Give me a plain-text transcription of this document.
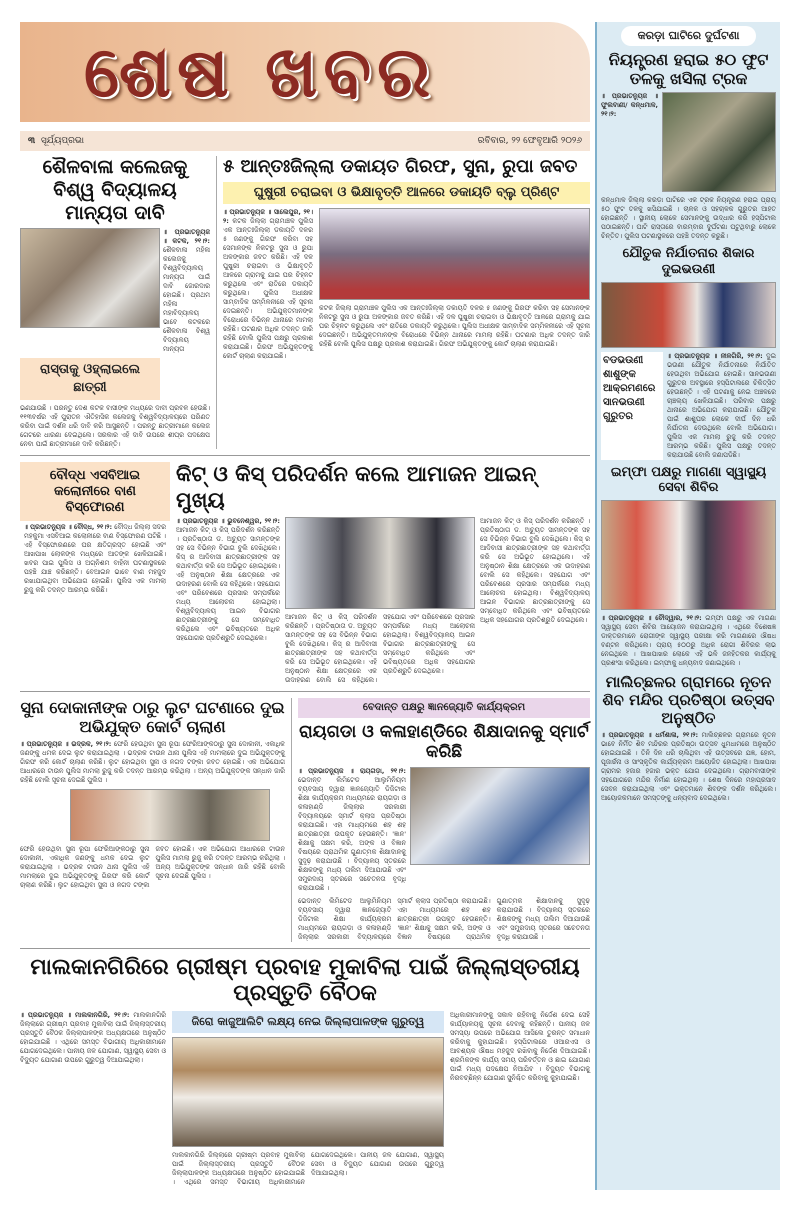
ଶେଷ ଖବର
୩ ସୂର୍ଯ୍ୟପ୍ରଭା	ରବିବାର, ୨୨ ଫେବୃଆରି ୨୦୨୬
ଶୈଳବାଳା କଲେଜକୁ ବିଶ୍ୱ ବିଦ୍ୟାଳୟ ମାନ୍ୟତା ଦାବି
॥ ପ୍ରଭାତନ୍ୟୁଜ ॥ କଟକ, ୨୧।୨: ଶୈଳବାଳା ମହିଳା କଲେଜକୁ ବିଶ୍ୱବିଦ୍ୟାଳୟ ମାନ୍ୟତା ପାଇଁ ଦାବି ଜୋରଦାର ହୋଇଛି। ପ୍ରଥମ ମହିଳା ମହାବିଦ୍ୟାଳୟ ଭାବେ କଟକରେ ଶୈଳବାଳା ବିଶ୍ୱ ବିଦ୍ୟାଳୟ ମାନ୍ୟତା
ରାସ୍ତାକୁ ଓହ୍ଲାଇଲେ ଛାତ୍ରୀ
ଭଣଯାଉଛି । ପରନ୍ତୁ ଦେଶ କଟକ ବାସୀଙ୍କ ମଧ୍ୟରେ ଦାବୀ ପ୍ରବଳ ହେଉଛି। ୧୧୩ବର୍ଷର ଏହି ପୁରାତନ ଐତିହାସିକ କଲେଜକୁ ବିଶ୍ୱବିଦ୍ୟାଳୟରେ ପରିଣତ କରିବା ପାଇଁ ଦର୍ଶନ ଧରି ଦାବି କରି ଆସୁଛନ୍ତି । ପରନ୍ତୁ ଛାତ୍ରୀମାନେ କଲେଜ ଗେଟରେ ଧାରଣା ଦେଇଥିଲେ। ସରକାର ଏହି ଦାବି ଉପରେ ଶୀଘ୍ର ପଦକ୍ଷେପ ନେବା ପାଇଁ ଛାତ୍ରୀମାନେ ଦାବି କରିଛନ୍ତି।
୫ ଆନ୍ତଃଜିଲ୍ଲା ଡକାୟତ ଗିରଫ, ସୁନା, ରୁପା ଜବତ
ଘୁଷୁରୀ ଚରାଇବା ଓ ଭିକ୍ଷାବୃତ୍ତି ଆଳରେ ଡକାୟତି ବ୍ଲୁ ପ୍ରିଣ୍ଟ
॥ ପ୍ରଭାତନ୍ୟୁଜ ॥ ସାଲେପୁର, ୨୧।୨: କଟକ ଜିଲ୍ଲା ଗ୍ରାମାଞ୍ଚଳ ପୁଲିସ ଏକ ଆନ୍ତଃଜିଲ୍ଲା ଡକାୟତି ଦଳର ୫ ଜଣଙ୍କୁ ଗିରଫ କରିବା ସହ ସେମାନଙ୍କ ନିକଟରୁ ସୁନା ଓ ରୁପା ଅଳଙ୍କାର ଜବତ କରିଛି। ଏହି ଦଳ ଘୁଷୁରୀ ଚରାଇବା ଓ ଭିକ୍ଷାବୃତ୍ତି ଆଳରେ ଗ୍ରାମକୁ ଯାଇ ଘର ଚିହ୍ନଟ କରୁଥିଲେ ଏବଂ ରାତିରେ ଡକାୟତି କରୁଥିଲେ। ପୁଲିସ ଅଧୀକ୍ଷକ ସାମ୍ବାଦିକ ସମ୍ମିଳନୀରେ ଏହି ସୂଚନା ଦେଇଛନ୍ତି। ଅଭିଯୁକ୍ତମାନଙ୍କ ବିରୋଧରେ ବିଭିନ୍ନ ଥାନାରେ ମାମଲା ରହିଛି। ଘଟଣାର ଅଧିକ ତଦନ୍ତ ଜାରି ରହିଛି ବୋଲି ପୁଲିସ ପକ୍ଷରୁ ପ୍ରକାଶ କରାଯାଇଛି। ଗିରଫ ଅଭିଯୁକ୍ତଙ୍କୁ କୋର୍ଟ ଚାଲାଣ କରାଯାଇଛି।
କଟକ ଜିଲ୍ଲା ଗ୍ରାମାଞ୍ଚଳ ପୁଲିସ ଏକ ଆନ୍ତଃଜିଲ୍ଲା ଡକାୟତି ଦଳର ୫ ଜଣଙ୍କୁ ଗିରଫ କରିବା ସହ ସେମାନଙ୍କ ନିକଟରୁ ସୁନା ଓ ରୁପା ଅଳଙ୍କାର ଜବତ କରିଛି। ଏହି ଦଳ ଘୁଷୁରୀ ଚରାଇବା ଓ ଭିକ୍ଷାବୃତ୍ତି ଆଳରେ ଗ୍ରାମକୁ ଯାଇ ଘର ଚିହ୍ନଟ କରୁଥିଲେ ଏବଂ ରାତିରେ ଡକାୟତି କରୁଥିଲେ। ପୁଲିସ ଅଧୀକ୍ଷକ ସାମ୍ବାଦିକ ସମ୍ମିଳନୀରେ ଏହି ସୂଚନା ଦେଇଛନ୍ତି। ଅଭିଯୁକ୍ତମାନଙ୍କ ବିରୋଧରେ ବିଭିନ୍ନ ଥାନାରେ ମାମଲା ରହିଛି। ଘଟଣାର ଅଧିକ ତଦନ୍ତ ଜାରି ରହିଛି ବୋଲି ପୁଲିସ ପକ୍ଷରୁ ପ୍ରକାଶ କରାଯାଇଛି। ଗିରଫ ଅଭିଯୁକ୍ତଙ୍କୁ କୋର୍ଟ ଚାଲାଣ କରାଯାଇଛି।
ବୌଦ୍ଧ ଏସବିଆଇ କଲୋନୀରେ ବାଣ ବିସ୍ଫୋରଣ
॥ ପ୍ରଭାତନ୍ୟୁଜ ॥ ବୌଦ୍ଧ, ୨୧।୨: ବୌଦ୍ଧ ଜିଲ୍ଲା ସଦର ମହକୁମା ଏସବିଆଇ କଲୋନୀରେ ବାଣ ବିସ୍ଫୋରଣ ଘଟିଛି । ଏହି ବିସ୍ଫୋରଣରେ ଘର କ୍ଷତିଗ୍ରସ୍ତ ହୋଇଛି ଏବଂ ଆଖପାଖ ଲୋକଙ୍କ ମଧ୍ୟରେ ଆତଙ୍କ ଖେଳିଯାଇଛି। ଖବର ପାଇ ପୁଲିସ ଓ ଅଗ୍ନିଶମ ବାହିନୀ ଘଟଣାସ୍ଥଳରେ ପହଞ୍ଚି ଯାଞ୍ଚ କରିଛନ୍ତି। ବେଆଇନ ଭାବେ ବାଣ ମହଜୁଦ ରଖାଯାଇଥିବା ଅଭିଯୋଗ ହୋଇଛି। ପୁଲିସ ଏକ ମାମଲା ରୁଜୁ କରି ତଦନ୍ତ ଆରମ୍ଭ କରିଛି।
କିଟ୍ ଓ କିସ୍ ପରିଦର୍ଶନ କଲେ ଆମାଜନ ଆଇନ୍ ମୁଖ୍ୟ
॥ ପ୍ରଭାତନ୍ୟୁଜ ॥ ଭୁବନେଶ୍ୱର, ୨୧।୨: ଆମାଜନ କିଟ୍ ଓ କିସ୍ ପରିଦର୍ଶନ କରିଛନ୍ତି । ପ୍ରତିଷ୍ଠାତା ଡ. ଅଚ୍ୟୁତ ସାମନ୍ତଙ୍କ ସହ ସେ ବିଭିନ୍ନ ବିଭାଗ ବୁଲି ଦେଖିଥିଲେ। କିସ୍ ର ଆଦିବାସୀ ଛାତ୍ରଛାତ୍ରୀଙ୍କ ସହ କଥାବାର୍ତ୍ତା କରି ସେ ଅଭିଭୂତ ହୋଇଥିଲେ। ଏହି ଅନୁଷ୍ଠାନ ଶିକ୍ଷା କ୍ଷେତ୍ରରେ ଏକ ଉଦାହରଣ ବୋଲି ସେ କହିଥିଲେ। ସହଯୋଗ ଏବଂ ପରିବେଶରେ ପ୍ରସାର ସମ୍ପର୍କରେ ମଧ୍ୟ ଆଲୋଚନା ହୋଇଥିଲା। ବିଶ୍ୱବିଦ୍ୟାଳୟ ଆଇନ ବିଭାଗର ଛାତ୍ରଛାତ୍ରୀଙ୍କୁ ସେ ସମ୍ବୋଧିତ କରିଥିଲେ ଏବଂ ଭବିଷ୍ୟତରେ ଅଧିକ ସହଯୋଗର ପ୍ରତିଶ୍ରୁତି ଦେଇଥିଲେ।
ଆମାଜନ କିଟ୍ ଓ କିସ୍ ପରିଦର୍ଶନ କରିଛନ୍ତି । ପ୍ରତିଷ୍ଠାତା ଡ. ଅଚ୍ୟୁତ ସାମନ୍ତଙ୍କ ସହ ସେ ବିଭିନ୍ନ ବିଭାଗ ବୁଲି ଦେଖିଥିଲେ। କିସ୍ ର ଆଦିବାସୀ ଛାତ୍ରଛାତ୍ରୀଙ୍କ ସହ କଥାବାର୍ତ୍ତା କରି ସେ ଅଭିଭୂତ ହୋଇଥିଲେ। ଏହି ଅନୁଷ୍ଠାନ ଶିକ୍ଷା କ୍ଷେତ୍ରରେ ଏକ ଉଦାହରଣ ବୋଲି ସେ କହିଥିଲେ। ସହଯୋଗ ଏବଂ ପରିବେଶରେ ପ୍ରସାର ସମ୍ପର୍କରେ ମଧ୍ୟ ଆଲୋଚନା ହୋଇଥିଲା। ବିଶ୍ୱବିଦ୍ୟାଳୟ ଆଇନ ବିଭାଗର ଛାତ୍ରଛାତ୍ରୀଙ୍କୁ ସେ ସମ୍ବୋଧିତ କରିଥିଲେ ଏବଂ ଭବିଷ୍ୟତରେ ଅଧିକ ସହଯୋଗର ପ୍ରତିଶ୍ରୁତି ଦେଇଥିଲେ।
ଆମାଜନ କିଟ୍ ଓ କିସ୍ ପରିଦର୍ଶନ କରିଛନ୍ତି । ପ୍ରତିଷ୍ଠାତା ଡ. ଅଚ୍ୟୁତ ସାମନ୍ତଙ୍କ ସହ ସେ ବିଭିନ୍ନ ବିଭାଗ ବୁଲି ଦେଖିଥିଲେ। କିସ୍ ର ଆଦିବାସୀ ଛାତ୍ରଛାତ୍ରୀଙ୍କ ସହ କଥାବାର୍ତ୍ତା କରି ସେ ଅଭିଭୂତ ହୋଇଥିଲେ। ଏହି ଅନୁଷ୍ଠାନ ଶିକ୍ଷା କ୍ଷେତ୍ରରେ ଏକ ଉଦାହରଣ ବୋଲି ସେ କହିଥିଲେ। ସହଯୋଗ ଏବଂ ପରିବେଶରେ ପ୍ରସାର ସମ୍ପର୍କରେ ମଧ୍ୟ ଆଲୋଚନା ହୋଇଥିଲା। ବିଶ୍ୱବିଦ୍ୟାଳୟ ଆଇନ ବିଭାଗର ଛାତ୍ରଛାତ୍ରୀଙ୍କୁ ସେ ସମ୍ବୋଧିତ କରିଥିଲେ ଏବଂ ଭବିଷ୍ୟତରେ ଅଧିକ ସହଯୋଗର ପ୍ରତିଶ୍ରୁତି ଦେଇଥିଲେ।
ସୁନା ଦୋକାନୀଙ୍କ ଠାରୁ ଲୁଟ ଘଟଣାରେ ଦୁଇ ଅଭିଯୁକ୍ତ କୋର୍ଟ ଚାଲାଣ
॥ ପ୍ରଭାତନ୍ୟୁଜ ॥ ଭଦ୍ରକ, ୨୧।୨: ଫେରି ହେଉଥିବା ସୁନା ରୂପା ଫେରିଆଙ୍କଠାରୁ ସୁନା ଦୋକାନୀ, ଏକାଧିକ ଜଣଙ୍କୁ ଧମକ ଦେଇ ଲୁଟ କରାଯାଇଥିଲା । ଭଦ୍ରକ ଟାଉନ ଥାନା ପୁଲିସ ଏହି ମାମଲାରେ ଦୁଇ ଅଭିଯୁକ୍ତଙ୍କୁ ଗିରଫ କରି କୋର୍ଟ ଚାଲାଣ କରିଛି। ଲୁଟ ହୋଇଥିବା ସୁନା ଓ ନଗଦ ଟଙ୍କା ଜବତ ହୋଇଛି। ଏକ ଅଭିଯୋଗ ଆଧାରରେ ଟାଉନ ପୁଲିସ ମାମଲା ରୁଜୁ କରି ତଦନ୍ତ ଆରମ୍ଭ କରିଥିଲା । ଅନ୍ୟ ଅଭିଯୁକ୍ତଙ୍କ ସନ୍ଧାନ ଜାରି ରହିଛି ବୋଲି ସୂଚନା ଦେଇଛି ପୁଲିସ ।
ଫେରି ହେଉଥିବା ସୁନା ରୂପା ଫେରିଆଙ୍କଠାରୁ ସୁନା ଦୋକାନୀ, ଏକାଧିକ ଜଣଙ୍କୁ ଧମକ ଦେଇ ଲୁଟ କରାଯାଇଥିଲା । ଭଦ୍ରକ ଟାଉନ ଥାନା ପୁଲିସ ଏହି ମାମଲାରେ ଦୁଇ ଅଭିଯୁକ୍ତଙ୍କୁ ଗିରଫ କରି କୋର୍ଟ ଚାଲାଣ କରିଛି। ଲୁଟ ହୋଇଥିବା ସୁନା ଓ ନଗଦ ଟଙ୍କା ଜବତ ହୋଇଛି। ଏକ ଅଭିଯୋଗ ଆଧାରରେ ଟାଉନ ପୁଲିସ ମାମଲା ରୁଜୁ କରି ତଦନ୍ତ ଆରମ୍ଭ କରିଥିଲା । ଅନ୍ୟ ଅଭିଯୁକ୍ତଙ୍କ ସନ୍ଧାନ ଜାରି ରହିଛି ବୋଲି ସୂଚନା ଦେଇଛି ପୁଲିସ ।
ବେଦାନ୍ତ ପକ୍ଷରୁ ଜ୍ଞାନଜ୍ୟୋତି କାର୍ଯ୍ୟକ୍ରମ
ରାୟଗଡା ଓ କଳାହାଣ୍ଡିରେ ଶିକ୍ଷାଦାନକୁ ସ୍ମାର୍ଟ କରିଛି
॥ ପ୍ରଭାତନ୍ୟୁଜ ॥ ରାୟଗଡ଼ା, ୨୧।୨: ଭେଦାନ୍ତ ଲିମିଟେଡ ଆଲୁମିନିୟମ ବ୍ୟବସାୟ ଦ୍ୱାରା ଜ୍ଞାନଜ୍ୟୋତି ଡିଜିଟାଲ ଶିକ୍ଷା କାର୍ଯ୍ୟକ୍ରମ ମାଧ୍ୟମରେ ରାୟଗଡ଼ା ଓ କଳାହାଣ୍ଡି ଜିଲ୍ଲାର ସରକାରୀ ବିଦ୍ୟାଳୟରେ ସ୍ମାର୍ଟ କ୍ଲାସ ପ୍ରତିଷ୍ଠା କରାଯାଇଛି। ଏହା ମାଧ୍ୟମରେ ଶହ ଶହ ଛାତ୍ରଛାତ୍ରୀ ଉପକୃତ ହେଉଛନ୍ତି। 'ଜ୍ଞାନ' ଶିକ୍ଷାକୁ ସକ୍ଷମ କରି, ଅଙ୍କ ଓ ବିଜ୍ଞାନ ବିଷୟରେ ପ୍ରାଥମିକ ଗୁଣାତ୍ମକ ଶିକ୍ଷାଦାନକୁ ସୁଦୃଢ଼ କରାଯାଉଛି । ବିଦ୍ୟାଳୟ ସ୍ତରରେ ଶିକ୍ଷକଙ୍କୁ ମଧ୍ୟ ତାଲିମ ଦିଆଯାଉଛି ଏବଂ ସମ୍ପ୍ରଦାୟ ସ୍ତରରେ ସଚେତନତା ବୃଦ୍ଧି କରାଯାଉଛି ।
ଭେଦାନ୍ତ ଲିମିଟେଡ ଆଲୁମିନିୟମ ବ୍ୟବସାୟ ଦ୍ୱାରା ଜ୍ଞାନଜ୍ୟୋତି ଡିଜିଟାଲ ଶିକ୍ଷା କାର୍ଯ୍ୟକ୍ରମ ମାଧ୍ୟମରେ ରାୟଗଡ଼ା ଓ କଳାହାଣ୍ଡି ଜିଲ୍ଲାର ସରକାରୀ ବିଦ୍ୟାଳୟରେ ସ୍ମାର୍ଟ କ୍ଲାସ ପ୍ରତିଷ୍ଠା କରାଯାଇଛି। ଏହା ମାଧ୍ୟମରେ ଶହ ଶହ ଛାତ୍ରଛାତ୍ରୀ ଉପକୃତ ହେଉଛନ୍ତି। 'ଜ୍ଞାନ' ଶିକ୍ଷାକୁ ସକ୍ଷମ କରି, ଅଙ୍କ ଓ ବିଜ୍ଞାନ ବିଷୟରେ ପ୍ରାଥମିକ ଗୁଣାତ୍ମକ ଶିକ୍ଷାଦାନକୁ ସୁଦୃଢ଼ କରାଯାଉଛି । ବିଦ୍ୟାଳୟ ସ୍ତରରେ ଶିକ୍ଷକଙ୍କୁ ମଧ୍ୟ ତାଲିମ ଦିଆଯାଉଛି ଏବଂ ସମ୍ପ୍ରଦାୟ ସ୍ତରରେ ସଚେତନତା ବୃଦ୍ଧି କରାଯାଉଛି ।
ମାଲକାନଗିରିରେ ଗ୍ରୀଷ୍ମ ପ୍ରବାହ ମୁକାବିଲା ପାଇଁ ଜିଲ୍ଲାସ୍ତରୀୟ ପ୍ରସ୍ତୁତି ବୈଠକ
॥ ପ୍ରଭାତନ୍ୟୁଜ ॥ ମାଲକାନଗିରି, ୨୧।୨: ମାଲକାନଗିରି ଜିଲ୍ଲାରେ ଗ୍ରୀଷ୍ମ ପ୍ରବାହ ମୁକାବିଲା ପାଇଁ ଜିଲ୍ଲାସ୍ତରୀୟ ପ୍ରସ୍ତୁତି ବୈଠକ ଜିଲ୍ଲାପାଳଙ୍କ ଅଧ୍ୟକ୍ଷତାରେ ଅନୁଷ୍ଠିତ ହୋଇଯାଇଛି । ଏଥିରେ ସମସ୍ତ ବିଭାଗୀୟ ଅଧିକାରୀମାନେ ଯୋଗଦେଇଥିଲେ। ପାନୀୟ ଜଳ ଯୋଗାଣ, ସ୍ୱାସ୍ଥ୍ୟ ସେବା ଓ ବିଦ୍ୟୁତ ଯୋଗାଣ ଉପରେ ଗୁରୁତ୍ୱ ଦିଆଯାଇଥିଲା।
ଜିରୋ କାଜୁଆଲିଟି ଲକ୍ଷ୍ୟ ନେଇ ଜିଲ୍ଲାପାଳଙ୍କ ଗୁରୁତ୍ୱ
ମାଲକାନଗିରି ଜିଲ୍ଲାରେ ଗ୍ରୀଷ୍ମ ପ୍ରବାହ ମୁକାବିଲା ପାଇଁ ଜିଲ୍ଲାସ୍ତରୀୟ ପ୍ରସ୍ତୁତି ବୈଠକ ଜିଲ୍ଲାପାଳଙ୍କ ଅଧ୍ୟକ୍ଷତାରେ ଅନୁଷ୍ଠିତ ହୋଇଯାଇଛି । ଏଥିରେ ସମସ୍ତ ବିଭାଗୀୟ ଅଧିକାରୀମାନେ ଯୋଗଦେଇଥିଲେ। ପାନୀୟ ଜଳ ଯୋଗାଣ, ସ୍ୱାସ୍ଥ୍ୟ ସେବା ଓ ବିଦ୍ୟୁତ ଯୋଗାଣ ଉପରେ ଗୁରୁତ୍ୱ ଦିଆଯାଇଥିଲା।
ଅଧିକାରୀମାନଙ୍କୁ ସକାଳ ରହିବାକୁ ନିର୍ଦ୍ଦେଶ ଦେଇ ସେହି କାର୍ଯ୍ୟାଳୟକୁ ସୂଚନା ଦେବାକୁ କହିଛନ୍ତି। ପାନୀୟ ଜଳ ସମସ୍ୟା ଉପରେ ଅଭିଯୋଗ ଆସିଲେ ତୁରନ୍ତ ସମାଧାନ କରିବାକୁ କୁହାଯାଇଛି। ହସ୍ପିଟାଲରେ ଓଆରଏସ ଓ ଆବଶ୍ୟକ ଔଷଧ ମହଜୁଦ ରଖିବାକୁ ନିର୍ଦ୍ଦେଶ ଦିଆଯାଇଛି। ଶ୍ରମିକଙ୍କ କାର୍ଯ୍ୟ ସମୟ ପରିବର୍ତ୍ତନ ଓ ଛାଇ ଯୋଗାଣ ପାଇଁ ମଧ୍ୟ ପଦକ୍ଷେପ ନିଆଯିବ । ବିଦ୍ୟୁତ ବିଭାଗକୁ ନିରବଚ୍ଛିନ୍ନ ଯୋଗାଣ ସୁନିଶ୍ଚିତ କରିବାକୁ କୁହାଯାଇଛି।
କରଡ଼ା ଘାଟିରେ ଦୁର୍ଘଟଣା
ନିୟନ୍ତ୍ରଣ ହରାଇ ୫୦ ଫୁଟ ତଳକୁ ଖସିଲା ଟ୍ରକ
॥ ପ୍ରଭାତନ୍ୟୁଜ ॥ ଫୁଲବାଣୀ/ କନ୍ଧମାଳ, ୨୧।୨:
କନ୍ଧମାଳ ଜିଲ୍ଲା କରଡ଼ା ଘାଟିରେ ଏକ ଟ୍ରକ ନିୟନ୍ତ୍ରଣ ହରାଇ ପ୍ରାୟ ୫୦ ଫୁଟ ତଳକୁ ଖସିଯାଇଛି । ଚାଳକ ଓ ସହଚାଳକ ଗୁରୁତର ଆହତ ହୋଇଛନ୍ତି । ସ୍ଥାନୀୟ ଲୋକେ ସେମାନଙ୍କୁ ଉଦ୍ଧାର କରି ହସ୍ପିଟାଲ ପଠାଇଛନ୍ତି। ଘାଟି ରାସ୍ତାରେ ବାରମ୍ବାର ଦୁର୍ଘଟଣା ଘଟୁଥିବାରୁ ଲୋକେ ଚିନ୍ତିତ। ପୁଲିସ ଘଟଣାସ୍ଥଳରେ ପହଞ୍ଚି ତଦନ୍ତ କରୁଛି।
ଯୌତୁକ ନିର୍ଯାତନାର ଶିକାର ଦୁଇଭଉଣୀ
ବଡଭଉଣୀ ଶାଶୁଙ୍କ ଆକ୍ରମଣରେ ସାନଭଉଣୀ ଗୁରୁତର
॥ ପ୍ରଭାତନ୍ୟୁଜ ॥ ନୀଳଗିରି, ୨୧।୨: ଦୁଇ ଭଉଣୀ ଯୌତୁକ ନିର୍ଯାତନାରେ ନିର୍ଯାତିତ ହେଉଥିବା ଅଭିଯୋଗ ହୋଇଛି। ସାନଭଉଣୀ ଗୁରୁତର ଅବସ୍ଥାରେ ହସ୍ପିଟାଲରେ ଚିକିତ୍ସିତ ହେଉଛନ୍ତି । ଏହି ଘଟଣାକୁ ନେଇ ଅଞ୍ଚଳରେ ଚାଞ୍ଚଲ୍ୟ ଖେଳିଯାଇଛି। ପରିବାର ପକ୍ଷରୁ ଥାନାରେ ଅଭିଯୋଗ କରାଯାଇଛି। ଯୌତୁକ ପାଇଁ ଶାଶୁଘର ଲୋକେ ଦୀର୍ଘ ଦିନ ଧରି ନିର୍ଯାତନା ଦେଉଥିଲେ ବୋଲି ଅଭିଯୋଗ। ପୁଲିସ ଏକ ମାମଲା ରୁଜୁ କରି ତଦନ୍ତ ଆରମ୍ଭ କରିଛି। ପୁଲିସ ପକ୍ଷରୁ ତଦନ୍ତ କରାଯାଉଛି ବୋଲି ଜଣାପଡିଛି।
ଇମ୍ଫା ପକ୍ଷରୁ ମାଗଣା ସ୍ୱାସ୍ଥ୍ୟ ସେବା ଶିବିର
॥ ପ୍ରଭାତନ୍ୟୁଜ ॥ ଚୌଦ୍ୱାର, ୨୧।୨: ଇମ୍ଫା ପକ୍ଷରୁ ଏକ ମାଗଣା ସ୍ୱାସ୍ଥ୍ୟ ସେବା ଶିବିର ଆୟୋଜନ କରାଯାଇଥିଲା । ଏଥିରେ ବିଶେଷଜ୍ଞ ଡାକ୍ତରମାନେ ରୋଗୀଙ୍କ ସ୍ୱାସ୍ଥ୍ୟ ପରୀକ୍ଷା କରି ମାଗଣାରେ ଔଷଧ ବଣ୍ଟନ କରିଥିଲେ। ପ୍ରାୟ ୫୦୦ରୁ ଅଧିକ ରୋଗୀ ଶିବିରର ଲାଭ ନେଇଥିଲେ । ଆଖପାଖର ଲୋକେ ଏହି ଭଳି ଜନହିତକର କାର୍ଯ୍ୟକୁ ପ୍ରଶଂସା କରିଥିଲେ। ଇମ୍ଫାକୁ ଧନ୍ୟବାଦ ଜଣାଇଥିଲେ ।
ମାଲିଚ୍ଛଳର ଗ୍ରାମରେ ନୂତନ ଶିବ ମନ୍ଦିର ପ୍ରତିଷ୍ଠା ଉତ୍ସବ ଅନୁଷ୍ଠିତ
॥ ପ୍ରଭାତନ୍ୟୁଜ ॥ ଧର୍ମଶାଳା, ୨୧।୨: ମାଲିଚ୍ଛଳର ଗ୍ରାମରେ ନୂତନ ଭାବେ ନିର୍ମିତ ଶିବ ମନ୍ଦିରର ପ୍ରତିଷ୍ଠା ଉତ୍ସବ ଧୁମଧାମରେ ଅନୁଷ୍ଠିତ ହୋଇଯାଇଛି । ତିନି ଦିନ ଧରି ଚାଲିଥିବା ଏହି ଉତ୍ସବରେ ଯଜ୍ଞ, ହୋମ, ପୂଜାର୍ଚ୍ଚନା ଓ ସାଂସ୍କୃତିକ କାର୍ଯ୍ୟକ୍ରମ ଆୟୋଜିତ ହୋଇଥିଲା। ଆଖପାଖ ଗ୍ରାମର ହଜାର ହଜାର ଭକ୍ତ ଯୋଗ ଦେଇଥିଲେ। ଗ୍ରାମବାସୀଙ୍କ ସହଯୋଗରେ ମନ୍ଦିର ନିର୍ମାଣ ହୋଇଥିଲା । ଶେଷ ଦିନରେ ମହାପ୍ରସାଦ ସେବନ କରାଯାଇଥିଲା ଏବଂ ଭକ୍ତମାନେ ଶିବଙ୍କ ଦର୍ଶନ କରିଥିଲେ। ଆୟୋଜକମାନେ ସମସ୍ତଙ୍କୁ ଧନ୍ୟବାଦ ଦେଇଥିଲେ।
